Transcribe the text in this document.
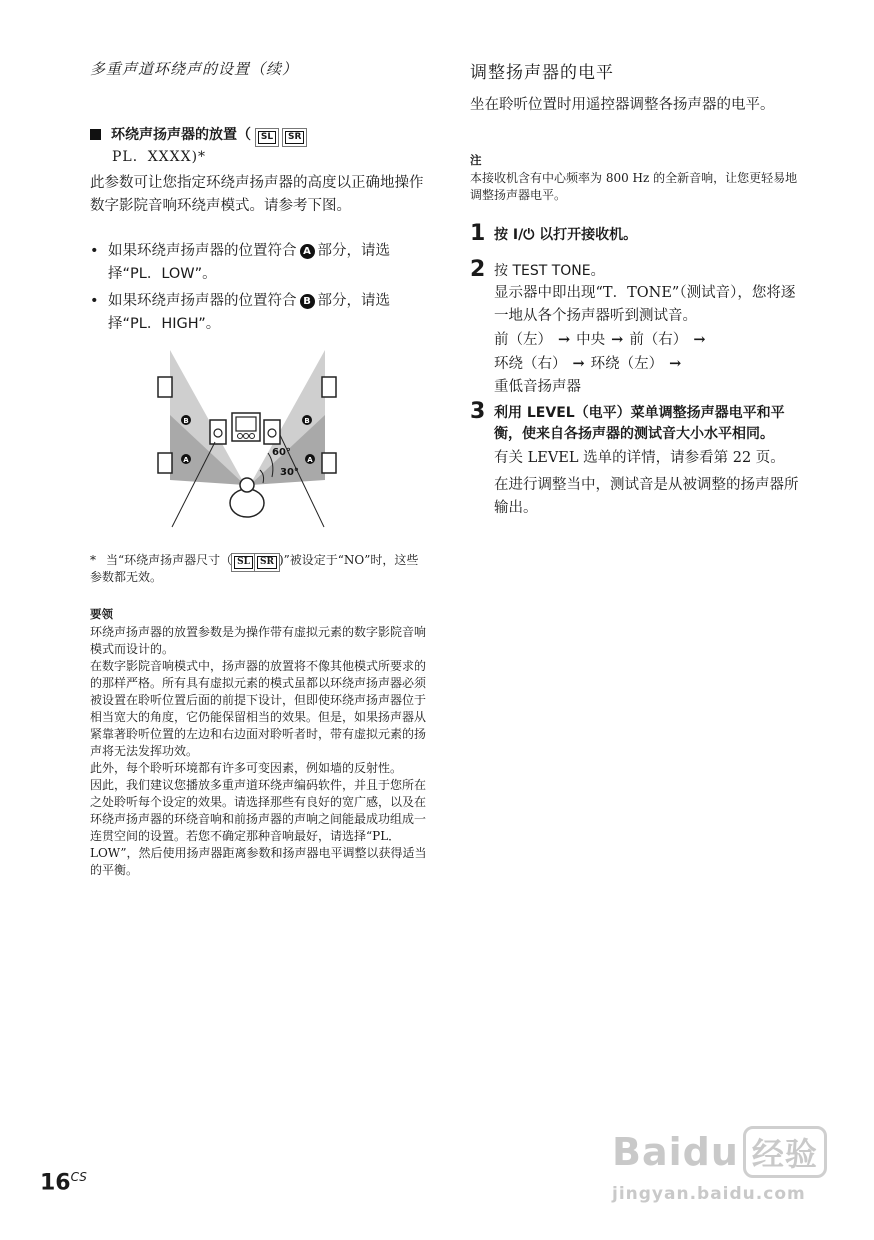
多重声道环绕声的设置（续）
环绕声扬声器的放置（ SL SR
PL．XXXX)*

此参数可让您指定环绕声扬声器的高度以正确地操作数字影院音响环绕声模式。请参考下图。

• 如果环绕声扬声器的位置符合 A 部分，请选择“PL．LOW”。

• 如果环绕声扬声器的位置符合 B 部分，请选择“PL．HIGH”。

B	B
A	A
60°
30°
* 当“环绕声扬声器尺寸（ SL SR )”被设定于“NO”时，这些参数都无效。

要领

环绕声扬声器的放置参数是为操作带有虚拟元素的数字影院音响模式而设计的。

在数字影院音响模式中，扬声器的放置将不像其他模式所要求的的那样严格。所有具有虚拟元素的模式虽都以环绕声扬声器必须被设置在聆听位置后面的前提下设计，但即使环绕声扬声器位于相当宽大的角度，它仍能保留相当的效果。但是，如果扬声器从紧靠著聆听位置的左边和右边面对聆听者时，带有虚拟元素的扬声将无法发挥功效。

此外，每个聆听环境都有许多可变因素，例如墙的反射性。

因此，我们建议您播放多重声道环绕声编码软件，并且于您所在之处聆听每个设定的效果。请选择那些有良好的宽广感，以及在环绕声扬声器的环绕音响和前扬声器的声响之间能最成功组成一连贯空间的设置。若您不确定那种音响最好，请选择“PL．LOW”，然后使用扬声器距离参数和扬声器电平调整以获得适当的平衡。

调整扬声器的电平

坐在聆听位置时用遥控器调整各扬声器的电平。

注

本接收机含有中心频率为 800 Hz 的全新音响，让您更轻易地调整扬声器电平。

1 按 I/⏻ 以打开接收机。
2 按 TEST TONE。

显示器中即出现“T．TONE”（测试音），您将逐一地从各个扬声器听到测试音。

前（左） → 中央 → 前（右） →
环绕（右） → 环绕（左） →
重低音扬声器
3 利用 LEVEL（电平）菜单调整扬声器电平和平衡，使来自各扬声器的测试音大小水平相同。

有关 LEVEL 选单的详情，请参看第 22 页。

在进行调整当中，测试音是从被调整的扬声器所输出。

$16^{CS}$
Baidu 经验
jingyan.baidu.com
